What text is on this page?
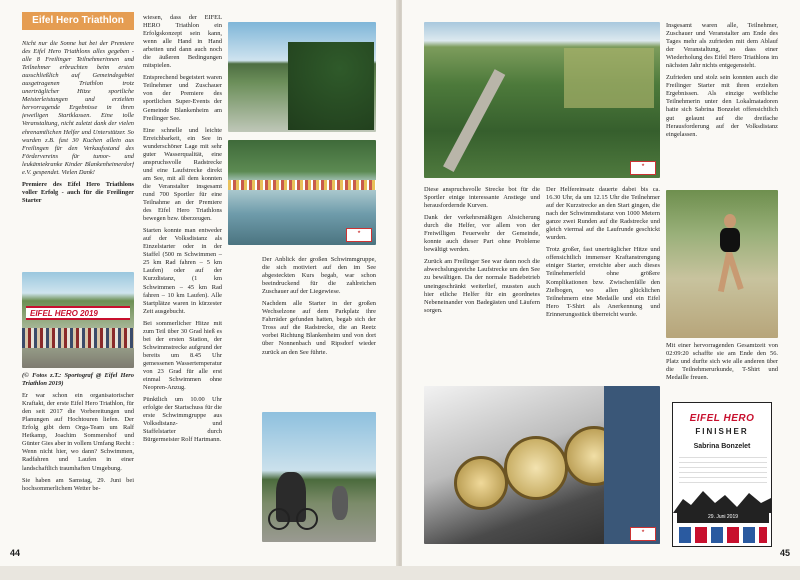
Eifel Hero Triathlon

Nicht nur die Sonne hat bei der Premiere des Eifel Hero Triathlons alles gegeben - alle 8 Freilinger Teilnehmerinnen und Teilnehmer erbrachten beim ersten ausschließlich auf Gemeindegebiet ausgetragenen Triathlon trotz unerträglicher Hitze sportliche Meisterleistungen und erzielten hervorragende Ergebnisse in ihren jeweiligen Startklassen. Eine tolle Veranstaltung, nicht zuletzt dank der vielen ehrenamtlichen Helfer und Unterstützer. So wurden z.B. fast 30 Kuchen allein aus Freilingen für den Verkaufsstand des Fördervereins für tumor- und leukämiekranke Kinder Blankenheimerdorf e.V. gespendet. Vielen Dank!

Premiere des Eifel Hero Triathlons voller Erfolg - auch für die Freilinger Starter

EIFEL HERO 2019

(© Fotos z.T.: Sportograf @ Eifel Hero Triathlon 2019)

Er war schon ein organisatorischer Kraftakt, der erste Eifel Hero Triathlon, für den seit 2017 die Vorbereitungen und Planungen auf Hochtouren liefen. Der Erfolg gibt dem Orga-Team um Ralf Hetkamp, Joachim Sommershof und Günter Gies aber in vollem Umfang Recht : Wenn nicht hier, wo dann? Schwimmen, Radfahren und Laufen in einer landschaftlich traumhaften Umgebung.

Sie haben am Samstag, 29. Juni bei hochsommerlichem Wetter be-

wiesen, dass der EIFEL HERO Triathlon ein Erfolgskonzept sein kann, wenn alle Hand in Hand arbeiten und dann auch noch die äußeren Bedingungen mitspielen.

Entsprechend begeistert waren Teilnehmer und Zuschauer von der Premiere des sportlichen Super-Events der Gemeinde Blankenheim am Freilinger See.

Eine schnelle und leichte Erreichbarkeit, ein See in wunderschöner Lage mit sehr guter Wasserqualität, eine anspruchsvolle Radstrecke und eine Laufstrecke direkt am See, mit all dem konnten die Veranstalter insgesamt rund 700 Sportler für eine Teilnahme an der Premiere des Eifel Hero Triathlons bewegen bzw. überzeugen.

Starten konnte man entweder auf der Volksdistanz als Einzelstarter oder in der Staffel (500 m Schwimmen – 25 km Rad fahren – 5 km Laufen) oder auf der Kurzdistanz, (1 km Schwimmen – 45 km Rad fahren – 10 km Laufen). Alle Startplätze waren in kürzester Zeit ausgebucht.

Bei sommerlicher Hitze mit zum Teil über 30 Grad hieß es bei der ersten Station, der Schwimmstrecke aufgrund der bereits um 8.45 Uhr gemessenen Wassertemperatur von 23 Grad für alle erst einmal Schwimmen ohne Neopren-Anzug.

Pünktlich um 10.00 Uhr erfolgte der Startschuss für die erste Schwimmgruppe aus Volksdistanz- und Staffelstarter durch Bürgermeister Rolf Hartmann.

★

Der Anblick der großen Schwimmgruppe, die sich motiviert auf den im See abgesteckten Kurs begab, war schon beeindruckend für die zahlreichen Zuschauer auf der Liegewiese.

Nachdem alle Starter in der großen Wechselzone auf dem Parkplatz ihre Fahrräder gefunden hatten, begab sich der Tross auf die Radstrecke, die an Reetz vorbei Richtung Blankenheim und von dort über Nonnenbach und Ripsdorf wieder zurück an den See führte.

44
★

Diese anspruchsvolle Strecke bot für die Sportler einige interessante Anstiege und herausfordernde Kurven.

Dank der verkehrsmäßigen Absicherung durch die Helfer, vor allem von der Freiwilligen Feuerwehr der Gemeinde, konnte auch dieser Part ohne Probleme bewältigt werden.

Zurück am Freilinger See war dann noch die abwechslungsreiche Laufstrecke um den See zu bewältigen. Da der normale Badebetrieb uneingeschränkt weiterlief, mussten auch hier etliche Helfer für ein geordnetes Nebeneinander von Badegästen und Läufern sorgen.

Der Helfereinsatz dauerte dabei bis ca. 16.30 Uhr, da um 12.15 Uhr die Teilnehmer auf der Kurzstrecke an den Start gingen, die nach der Schwimmdistanz von 1000 Metern ganze zwei Runden auf die Radstrecke und gleich viermal auf die Laufrunde geschickt wurden.

Trotz großer, fast unerträglicher Hitze und offensichtlich immenser Kraftanstrengung einiger Starter, erreichte aber auch dieses Teilnehmerfeld ohne größere Komplikationen bzw. Zwischenfälle den Zielbogen, wo allen glücklichen Teilnehmern eine Medaille und ein Eifel Hero T-Shirt als Anerkennung und Erinnerungsstück überreicht wurde.

★

Insgesamt waren alle, Teilnehmer, Zuschauer und Veranstalter am Ende des Tages mehr als zufrieden mit dem Ablauf der Veranstaltung, so dass einer Wiederholung des Eifel Hero Triathlons im nächsten Jahr nichts entgegensteht.

Zufrieden und stolz sein konnten auch die Freilinger Starter mit ihren erzielten Ergebnissen. Als einzige weibliche Teilnehmerin unter den Lokalmatadoren hatte sich Sabrina Bonzelet offensichtlich gut gelaunt auf die dreifache Herausforderung auf der Volksdistanz eingelassen.

Mit einer hervorragenden Gesamtzeit von 02:09:20 schaffte sie am Ende den 56. Platz und durfte sich wie alle anderen über die Teilnehmerurkunde, T-Shirt und Medaille freuen.

45
EIFEL HERO
FINISHER
Sabrina Bonzelet
29. Juni 2019
